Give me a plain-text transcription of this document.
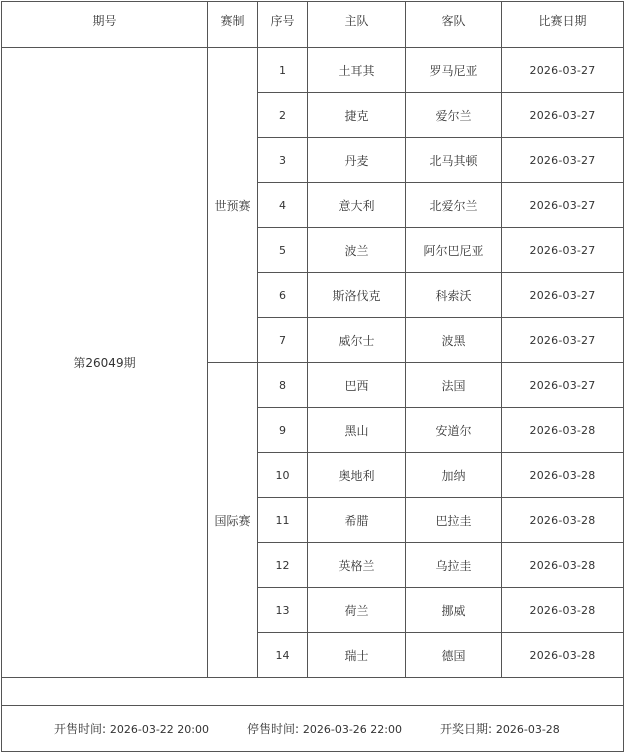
期号	赛制	序号	主队	客队	比赛日期
第26049期	世预赛	1	土耳其	罗马尼亚	2026-03-27
		2	捷克	爱尔兰	2026-03-27
		3	丹麦	北马其顿	2026-03-27
		4	意大利	北爱尔兰	2026-03-27
		5	波兰	阿尔巴尼亚	2026-03-27
		6	斯洛伐克	科索沃	2026-03-27
		7	威尔士	波黑	2026-03-27
	国际赛	8	巴西	法国	2026-03-27
		9	黑山	安道尔	2026-03-28
		10	奥地利	加纳	2026-03-28
		11	希腊	巴拉圭	2026-03-28
		12	英格兰	乌拉圭	2026-03-28
		13	荷兰	挪威	2026-03-28
		14	瑞士	德国	2026-03-28

开售时间: 2026-03-22 20:00 停售时间: 2026-03-26 22:00 开奖日期: 2026-03-28					
